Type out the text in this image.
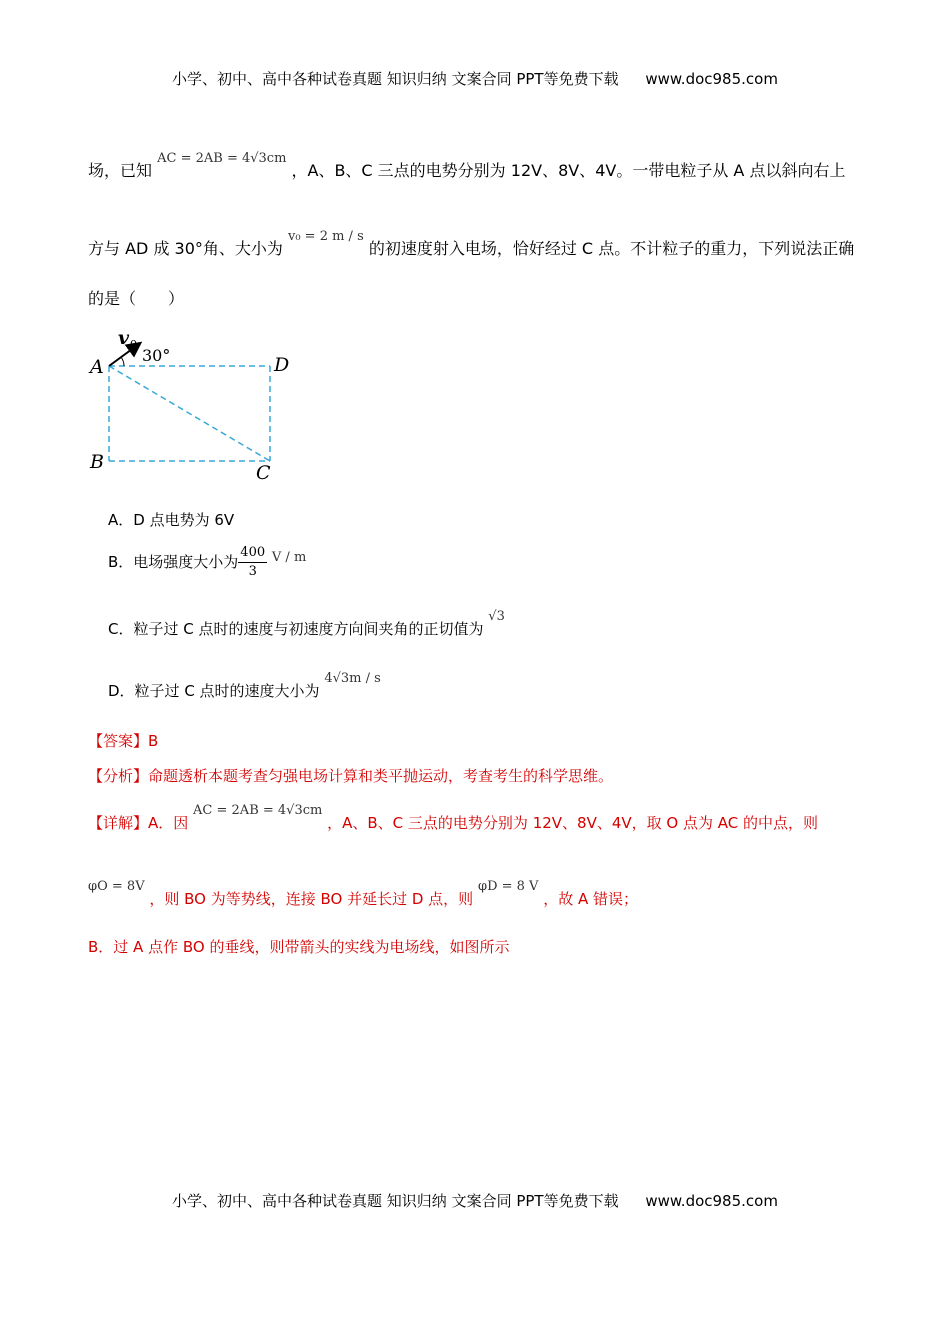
小学、初中、高中各种试卷真题 知识归纳 文案合同 PPT等免费下载 www.doc985.com
场，已知 $^{AC = 2AB = 4√3cm}$ ，A、B、C 三点的电势分别为 12V、8V、4V。一带电粒子从 A 点以斜向右上
方与 AD 成 30°角、大小为 $^{v_0 = 2 m / s}$ 的初速度射入电场，恰好经过 C 点。不计粒子的重力，下列说法正确
的是（　　）
v 0
30°
A	D
B	C
A．D 点电势为 6V
B．电场强度大小为 $\frac{400}{3}$ V / m
C．粒子过 C 点时的速度与初速度方向间夹角的正切值为 √3
D．粒子过 C 点时的速度大小为 4√3m / s
【答案】B
【分析】命题透析本题考查匀强电场计算和类平抛运动，考查考生的科学思维。
【详解】A．因 AC = 2AB = 4√3cm ，A、B、C 三点的电势分别为 12V、8V、4V，取 O 点为 AC 的中点，则
φO = 8V ，则 BO 为等势线，连接 BO 并延长过 D 点，则 φD = 8 V ，故 A 错误；
B．过 A 点作 BO 的垂线，则带箭头的实线为电场线，如图所示
小学、初中、高中各种试卷真题 知识归纳 文案合同 PPT等免费下载 www.doc985.com
